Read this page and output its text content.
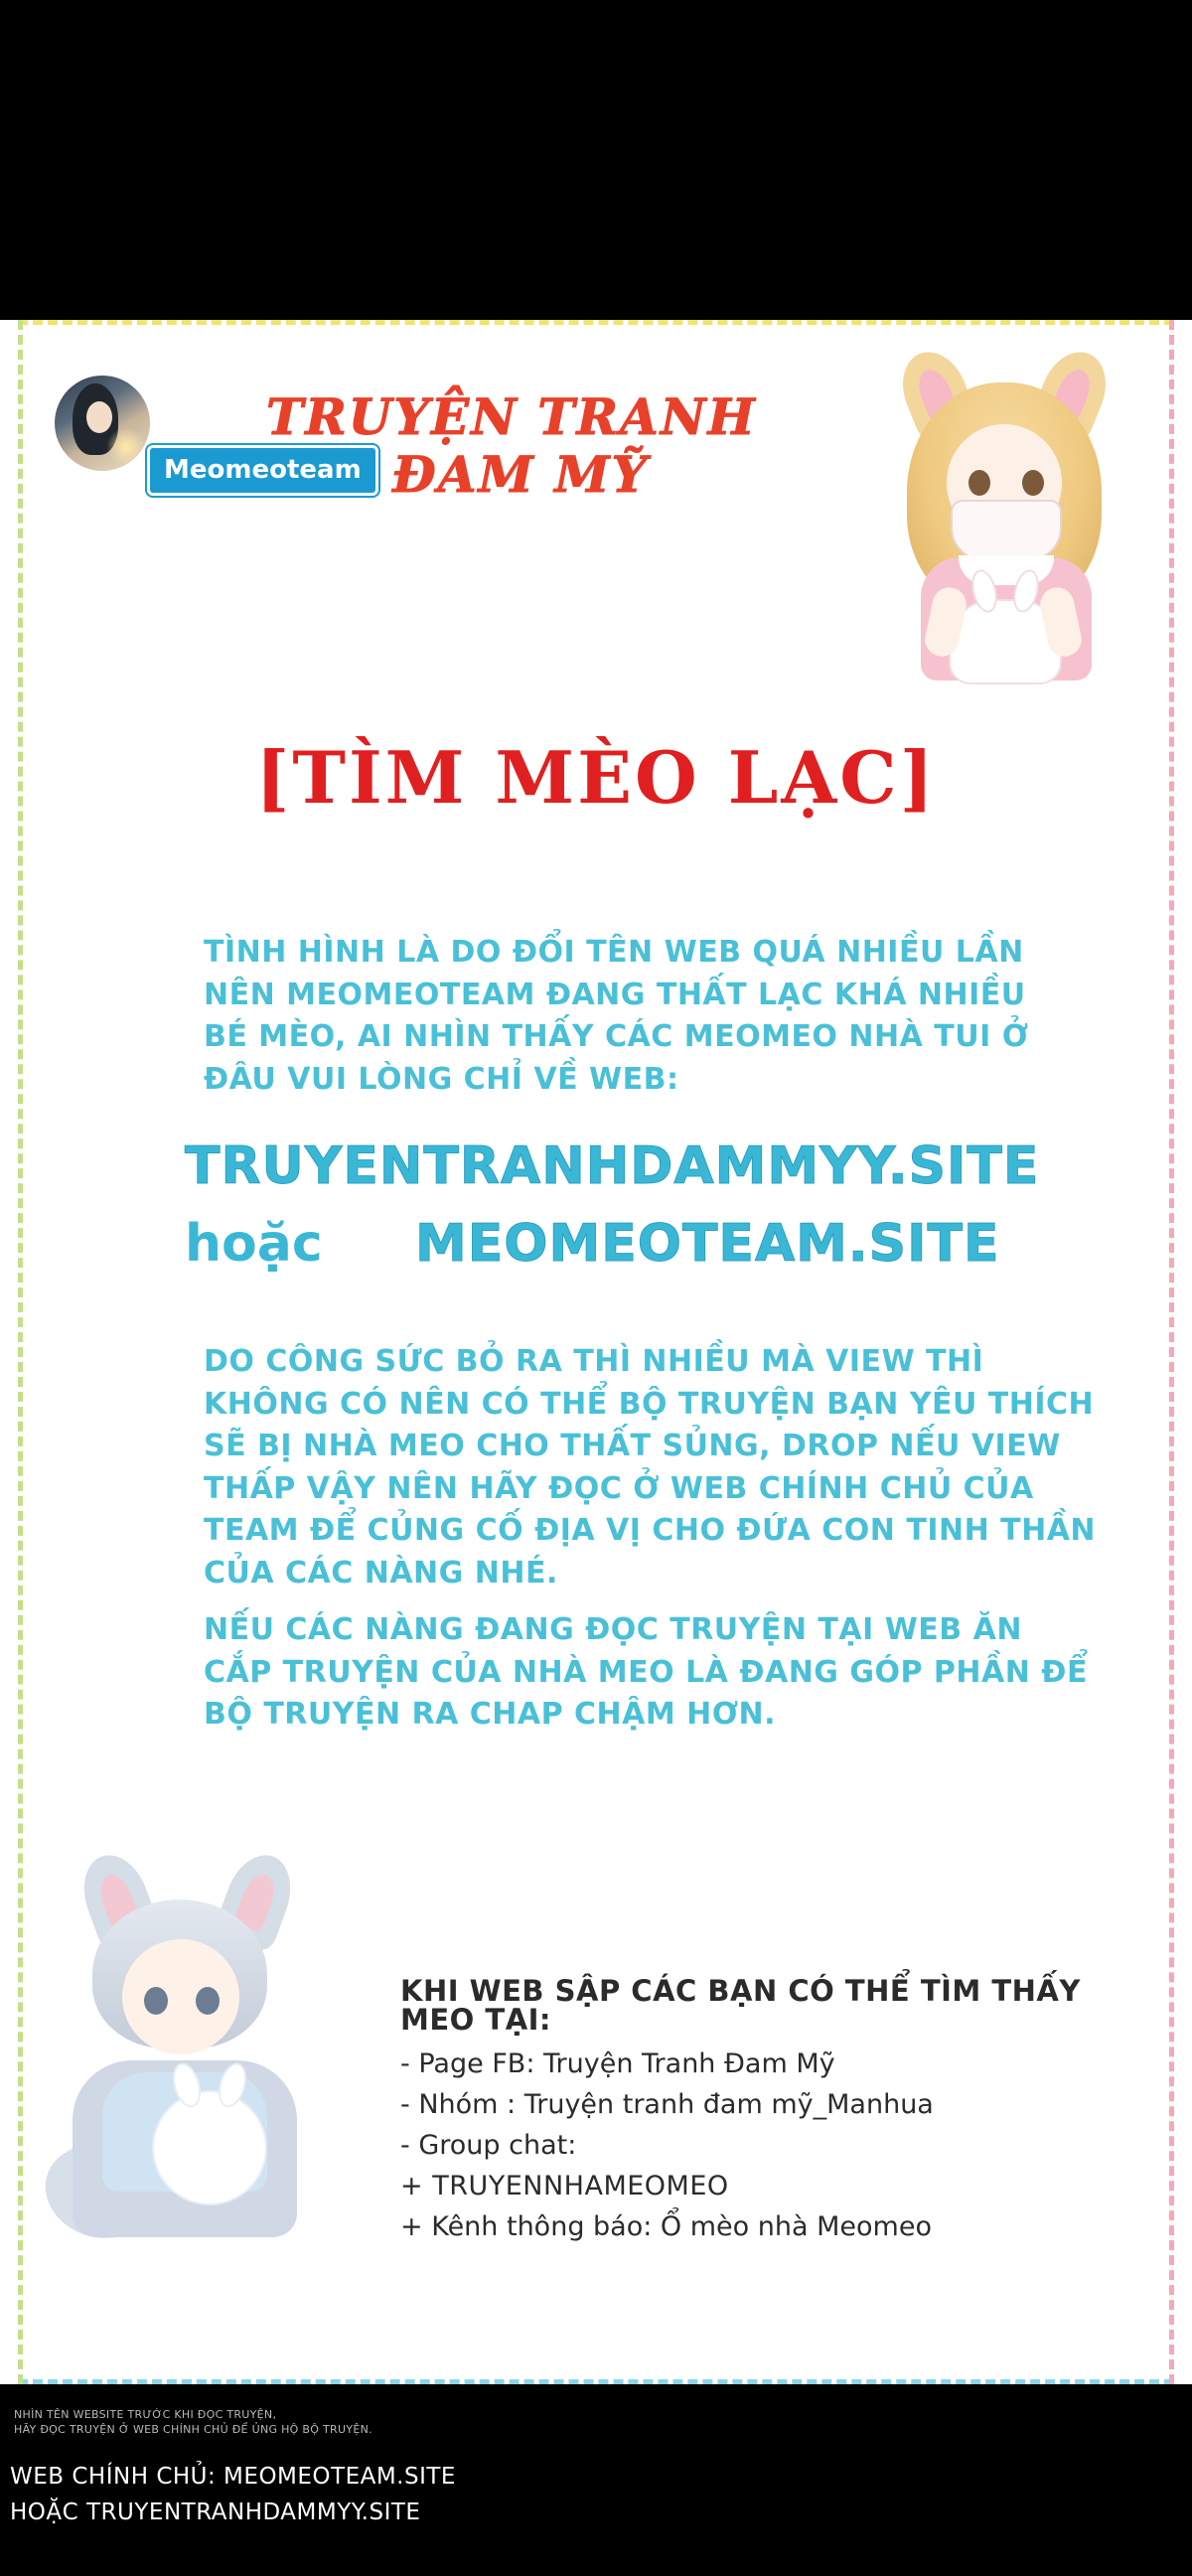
Meomeoteam
TRUYỆN TRANH
ĐAM MỸ
[TÌM MÈO LẠC]
TÌNH HÌNH LÀ DO ĐỔI TÊN WEB QUÁ NHIỀU LẦN NÊN MEOMEOTEAM ĐANG THẤT LẠC KHÁ NHIỀU BÉ MÈO, AI NHÌN THẤY CÁC MEOMEO NHÀ TUI Ở ĐÂU VUI LÒNG CHỈ VỀ WEB:
TRUYENTRANHDAMMYY.SITE
hoặc MEOMEOTEAM.SITE
DO CÔNG SỨC BỎ RA THÌ NHIỀU MÀ VIEW THÌ KHÔNG CÓ NÊN CÓ THỂ BỘ TRUYỆN BẠN YÊU THÍCH SẼ BỊ NHÀ MEO CHO THẤT SỦNG, DROP NẾU VIEW THẤP VẬY NÊN HÃY ĐỌC Ở WEB CHÍNH CHỦ CỦA TEAM ĐỂ CỦNG CỐ ĐỊA VỊ CHO ĐỨA CON TINH THẦN CỦA CÁC NÀNG NHÉ.
NẾU CÁC NÀNG ĐANG ĐỌC TRUYỆN TẠI WEB ĂN CẮP TRUYỆN CỦA NHÀ MEO LÀ ĐANG GÓP PHẦN ĐỂ BỘ TRUYỆN RA CHAP CHẬM HƠN.
KHI WEB SẬP CÁC BẠN CÓ THỂ TÌM THẤY MEO TẠI:
- Page FB: Truyện Tranh Đam Mỹ
- Nhóm : Truyện tranh đam mỹ_Manhua
- Group chat:
+ TRUYENNHAMEOMEO
+ Kênh thông báo: Ổ mèo nhà Meomeo
NHÌN TÊN WEBSITE TRƯỚC KHI ĐỌC TRUYỆN,
HÃY ĐỌC TRUYỆN Ở WEB CHÍNH CHỦ ĐỂ ỦNG HỘ BỘ TRUYỆN.
WEB CHÍNH CHỦ: MEOMEOTEAM.SITE
HOẶC TRUYENTRANHDAMMYY.SITE
